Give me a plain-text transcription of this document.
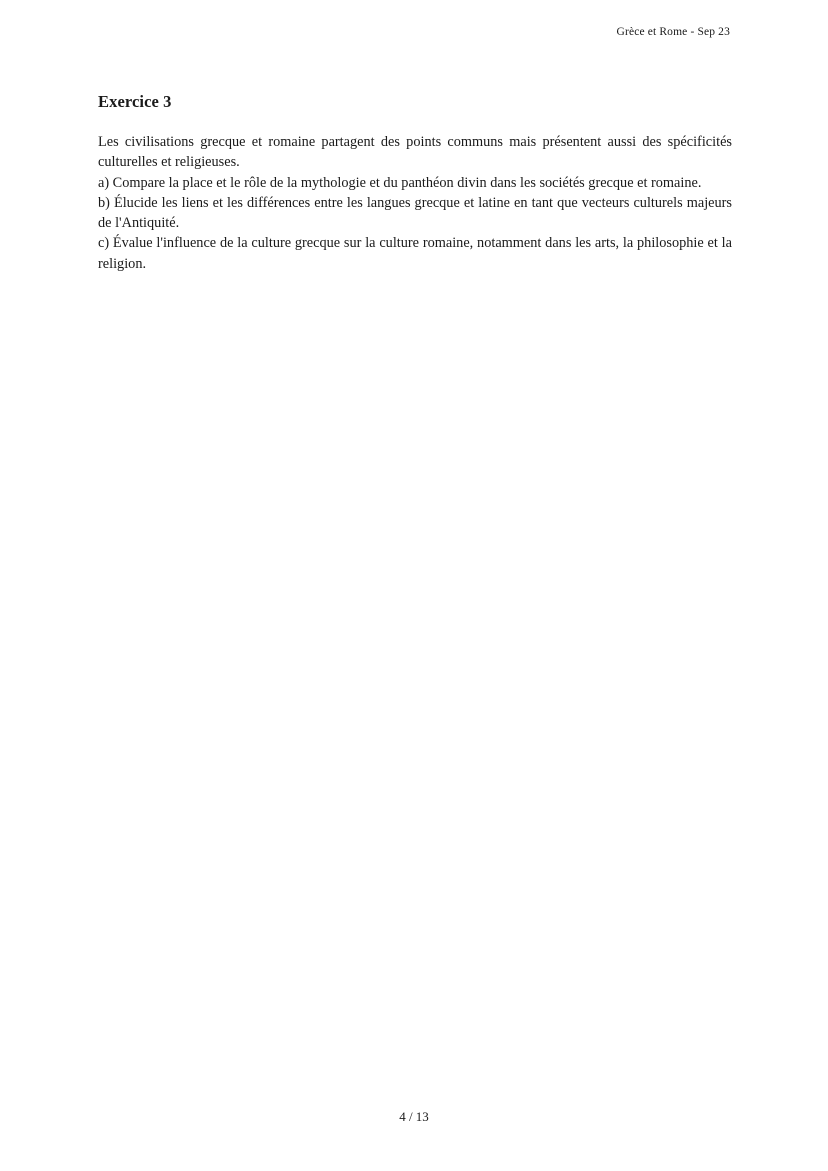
Grèce et Rome - Sep 23
Exercice 3

Les civilisations grecque et romaine partagent des points communs mais présentent aussi des spécificités culturelles et religieuses.

a) Compare la place et le rôle de la mythologie et du panthéon divin dans les sociétés grecque et romaine.

b) Élucide les liens et les différences entre les langues grecque et latine en tant que vecteurs culturels majeurs de l'Antiquité.

c) Évalue l'influence de la culture grecque sur la culture romaine, notamment dans les arts, la philosophie et la religion.

4 / 13
